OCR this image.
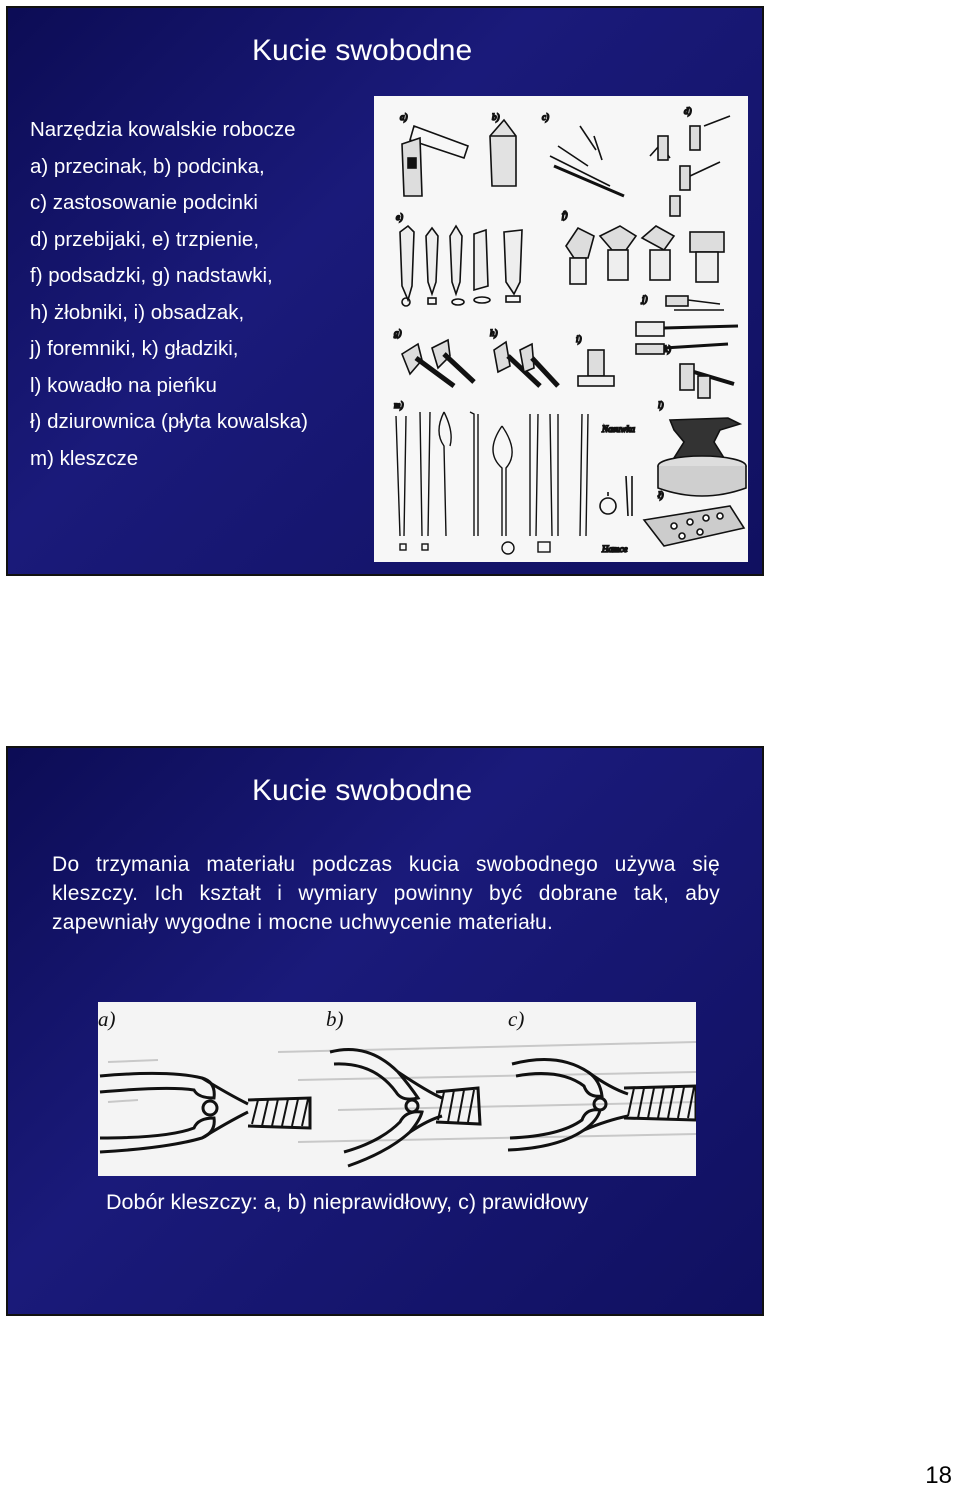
Kucie swobodne
Narzędzia kowalskie robocze
a) przecinak, b) podcinka,
c) zastosowanie podcinki
d) przebijaki, e) trzpienie,
f) podsadzki, g) nadstawki,
h) żłobniki, i) obsadzak,
j) foremniki, k) gładziki,
l) kowadło na pieńku
ł) dziurownica (płyta kowalska)
m) kleszcze
a)	b)	c)
d)
e)	f)
g)	h)
i)
j)
k)
l)
ł)
m)
Nasuwka
Hamce
Kucie swobodne
Do trzymania materiału podczas kucia swobodnego używa się kleszczy. Ich kształt i wymiary powinny być dobrane tak, aby zapewniały wygodne i mocne uchwycenie materiału.
a)	b)	c)
Dobór kleszczy: a, b) nieprawidłowy, c) prawidłowy
18
